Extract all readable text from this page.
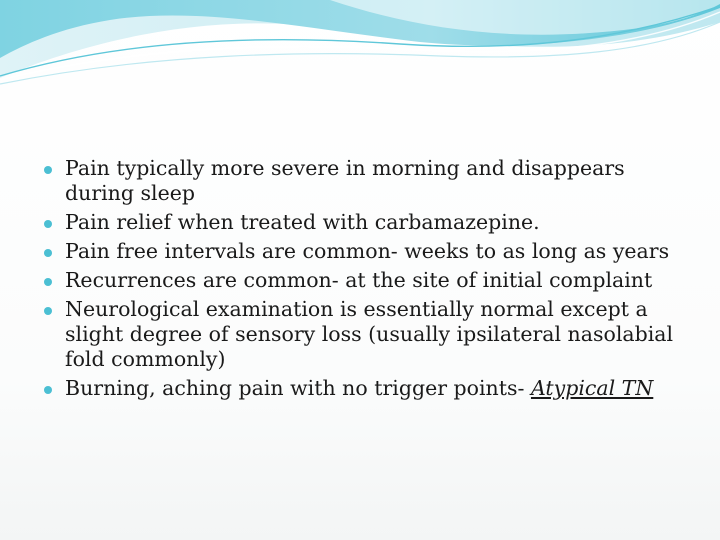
Pain typically more severe in morning and disappears during sleep
Pain relief when treated with carbamazepine.
Pain free intervals are common- weeks to as long as years
Recurrences are common- at the site of initial complaint
Neurological examination is essentially normal except a slight degree of sensory loss (usually ipsilateral nasolabial fold commonly)
Burning, aching pain with no trigger points- Atypical TN
